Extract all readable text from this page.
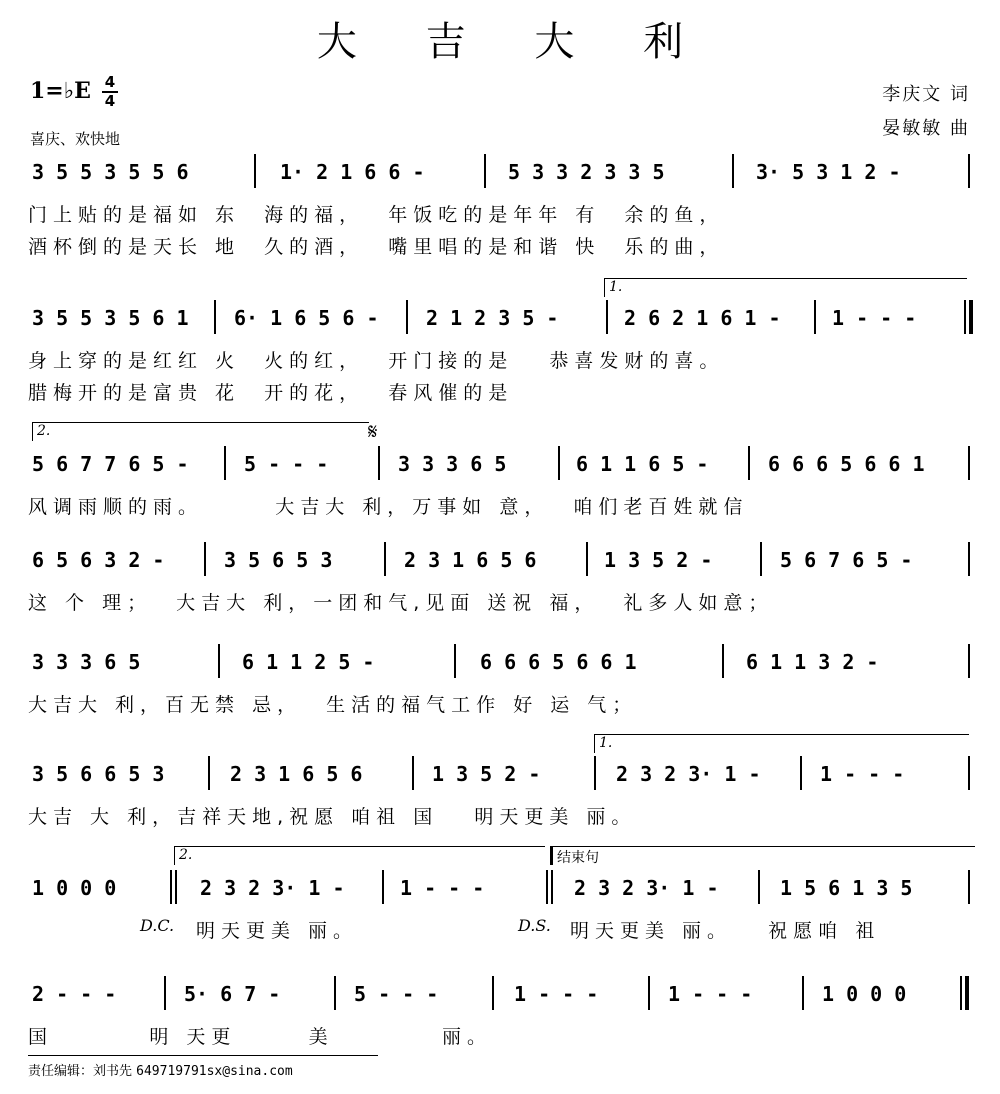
大 吉 大 利
1=♭E 4
4
喜庆、欢快地
李庆文 词
晏敏敏 曲

3 5 5 3 5 5 6

	1· 2 1 6 6 -

	5 3 3 2 3 3 5

	3· 5 3 1 2 -

门上贴的是福如 东  海的福，  年饭吃的是年年 有  余的鱼，
酒杯倒的是天长 地  久的酒，  嘴里唱的是和谐 快  乐的曲，
1.

3 5 5 3 5 6 1

6· 1 6 5 6 -

2 1 2 3 5 -

	2 6 2 1 6 1 -

	1 - - -

身上穿的是红红 火  火的红，  开门接的是   恭喜发财的喜。
腊梅开的是富贵 花  开的花，  春风催的是
2.	𝄋

5 6 7 7 6 5 -

	5 - - -

	3 3 3 6 5

	6 1 1 6 5 -

	6 6 6 5 6 6 1

风调雨顺的雨。      大吉大 利，万事如 意，  咱们老百姓就信

6 5 6 3 2 -

	3 5 6 5 3

	2 3 1 6 5 6

	1 3 5 2 -

	5 6 7 6 5 -

这 个 理；  大吉大 利，一团和气,见面 送祝 福，  礼多人如意；

3 3 3 6 5

	6 1 1 2 5 -

	6 6 6 5 6 6 1

	6 1 1 3 2 -

大吉大 利，百无禁 忌，  生活的福气工作 好 运 气；
1.

3 5 6 6 5 3

	2 3 1 6 5 6

	1 3 5 2 -

	2 3 2 3· 1 -

	1 - - -

大吉 大 利，吉祥天地,祝愿 咱祖 国   明天更美 丽。
2.	结束句

1 0 0 0

	2 3 2 3· 1 -

	1 - - -

	2 3 2 3· 1 -

	1 5 6 1 3 5

D.C. 明天更美 丽。	D.S. 明天更美 丽。   祝愿咱 祖

2 - - -

	5· 6 7 -

	5 - - -

	1 - - -

	1 - - -

	1 0 0 0

国        明 天更      美         丽。
责任编辑：刘书先 649719791sx@sina.com
